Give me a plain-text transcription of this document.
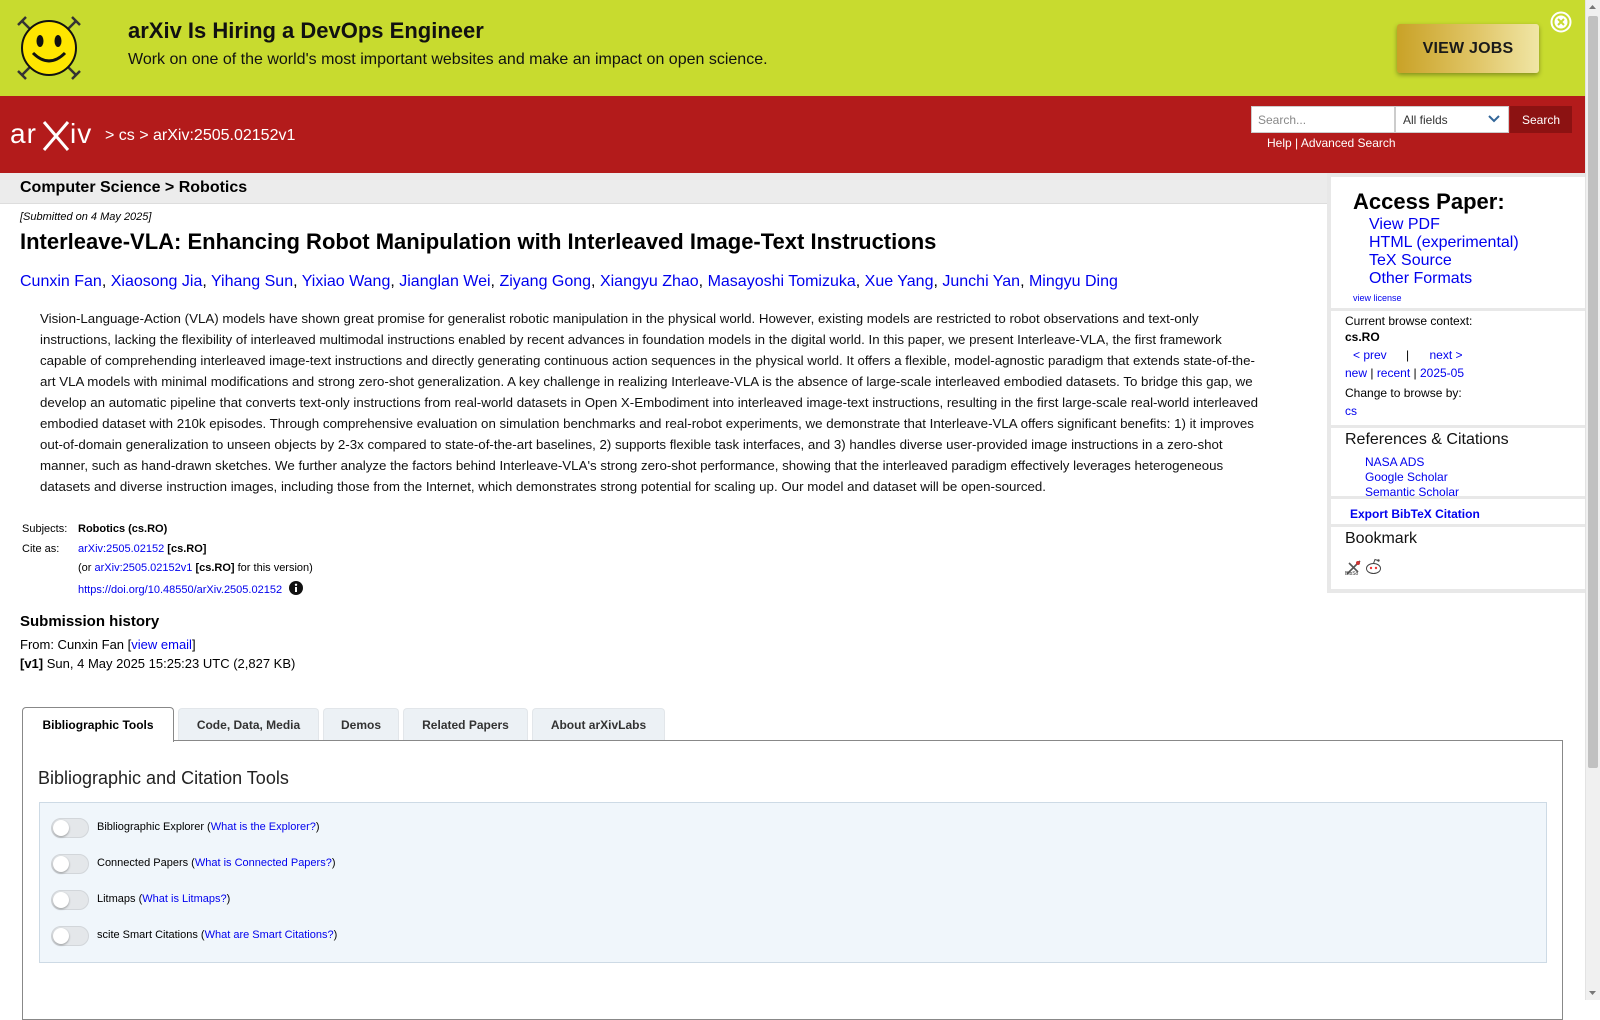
arXiv Is Hiring a DevOps Engineer
Work on one of the world's most important websites and make an impact on open science.
VIEW JOBS
ar iv > cs > arXiv:2505.02152v1
Search...	All fields	Search
Help | Advanced Search
Computer Science > Robotics
[Submitted on 4 May 2025]
Interleave-VLA: Enhancing Robot Manipulation with Interleaved Image-Text Instructions
Cunxin Fan, Xiaosong Jia, Yihang Sun, Yixiao Wang, Jianglan Wei, Ziyang Gong, Xiangyu Zhao, Masayoshi Tomizuka, Xue Yang, Junchi Yan, Mingyu Ding
Vision-Language-Action (VLA) models have shown great promise for generalist robotic manipulation in the physical world. However, existing models are restricted to robot observations and text-only
instructions, lacking the flexibility of interleaved multimodal instructions enabled by recent advances in foundation models in the digital world. In this paper, we present Interleave-VLA, the first framework
capable of comprehending interleaved image-text instructions and directly generating continuous action sequences in the physical world. It offers a flexible, model-agnostic paradigm that extends state-of-the-
art VLA models with minimal modifications and strong zero-shot generalization. A key challenge in realizing Interleave-VLA is the absence of large-scale interleaved embodied datasets. To bridge this gap, we
develop an automatic pipeline that converts text-only instructions from real-world datasets in Open X-Embodiment into interleaved image-text instructions, resulting in the first large-scale real-world interleaved
embodied dataset with 210k episodes. Through comprehensive evaluation on simulation benchmarks and real-robot experiments, we demonstrate that Interleave-VLA offers significant benefits: 1) it improves
out-of-domain generalization to unseen objects by 2-3x compared to state-of-the-art baselines, 2) supports flexible task interfaces, and 3) handles diverse user-provided image instructions in a zero-shot
manner, such as hand-drawn sketches. We further analyze the factors behind Interleave-VLA's strong zero-shot performance, showing that the interleaved paradigm effectively leverages heterogeneous
datasets and diverse instruction images, including those from the Internet, which demonstrates strong potential for scaling up. Our model and dataset will be open-sourced.
Subjects: Robotics (cs.RO)
Cite as: arXiv:2505.02152 [cs.RO]
(or arXiv:2505.02152v1 [cs.RO] for this version)
https://doi.org/10.48550/arXiv.2505.02152
Submission history
From: Cunxin Fan [view email]
[v1] Sun, 4 May 2025 15:25:23 UTC (2,827 KB)
Bibliographic Tools	Code, Data, Media	Demos	Related Papers	About arXivLabs
Bibliographic and Citation Tools
Bibliographic Explorer (What is the Explorer?)
Connected Papers (What is Connected Papers?)
Litmaps (What is Litmaps?)
scite Smart Citations (What are Smart Citations?)
Access Paper:
View PDF
HTML (experimental)
TeX Source
Other Formats
view license
Current browse context:
cs.RO
< prev | next >
new | recent | 2025-05
Change to browse by:
cs
References & Citations
NASA ADS
Google Scholar
Semantic Scholar
Export BibTeX Citation
Bookmark
BibSo
